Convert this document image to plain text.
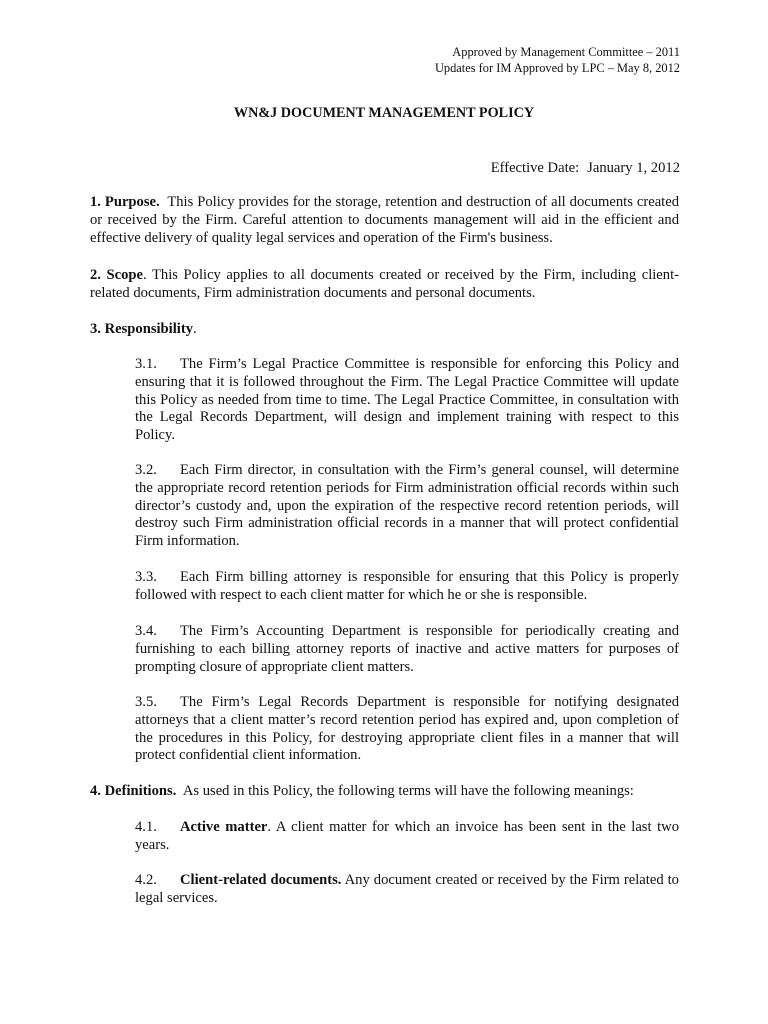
Approved by Management Committee – 2011
Updates for IM Approved by LPC – May 8, 2012
WN&J DOCUMENT MANAGEMENT POLICY
Effective Date: January 1, 2012
1. Purpose. This Policy provides for the storage, retention and destruction of all documents created or received by the Firm. Careful attention to documents management will aid in the efficient and effective delivery of quality legal services and operation of the Firm's business.
2. Scope. This Policy applies to all documents created or received by the Firm, including client-related documents, Firm administration documents and personal documents.
3. Responsibility.
3.1. The Firm’s Legal Practice Committee is responsible for enforcing this Policy and ensuring that it is followed throughout the Firm. The Legal Practice Committee will update this Policy as needed from time to time. The Legal Practice Committee, in consultation with the Legal Records Department, will design and implement training with respect to this Policy.
3.2. Each Firm director, in consultation with the Firm’s general counsel, will determine the appropriate record retention periods for Firm administration official records within such director’s custody and, upon the expiration of the respective record retention periods, will destroy such Firm administration official records in a manner that will protect confidential Firm information.
3.3. Each Firm billing attorney is responsible for ensuring that this Policy is properly followed with respect to each client matter for which he or she is responsible.
3.4. The Firm’s Accounting Department is responsible for periodically creating and furnishing to each billing attorney reports of inactive and active matters for purposes of prompting closure of appropriate client matters.
3.5. The Firm’s Legal Records Department is responsible for notifying designated attorneys that a client matter’s record retention period has expired and, upon completion of the procedures in this Policy, for destroying appropriate client files in a manner that will protect confidential client information.
4. Definitions. As used in this Policy, the following terms will have the following meanings:
4.1. Active matter. A client matter for which an invoice has been sent in the last two years.
4.2. Client-related documents. Any document created or received by the Firm related to legal services.
